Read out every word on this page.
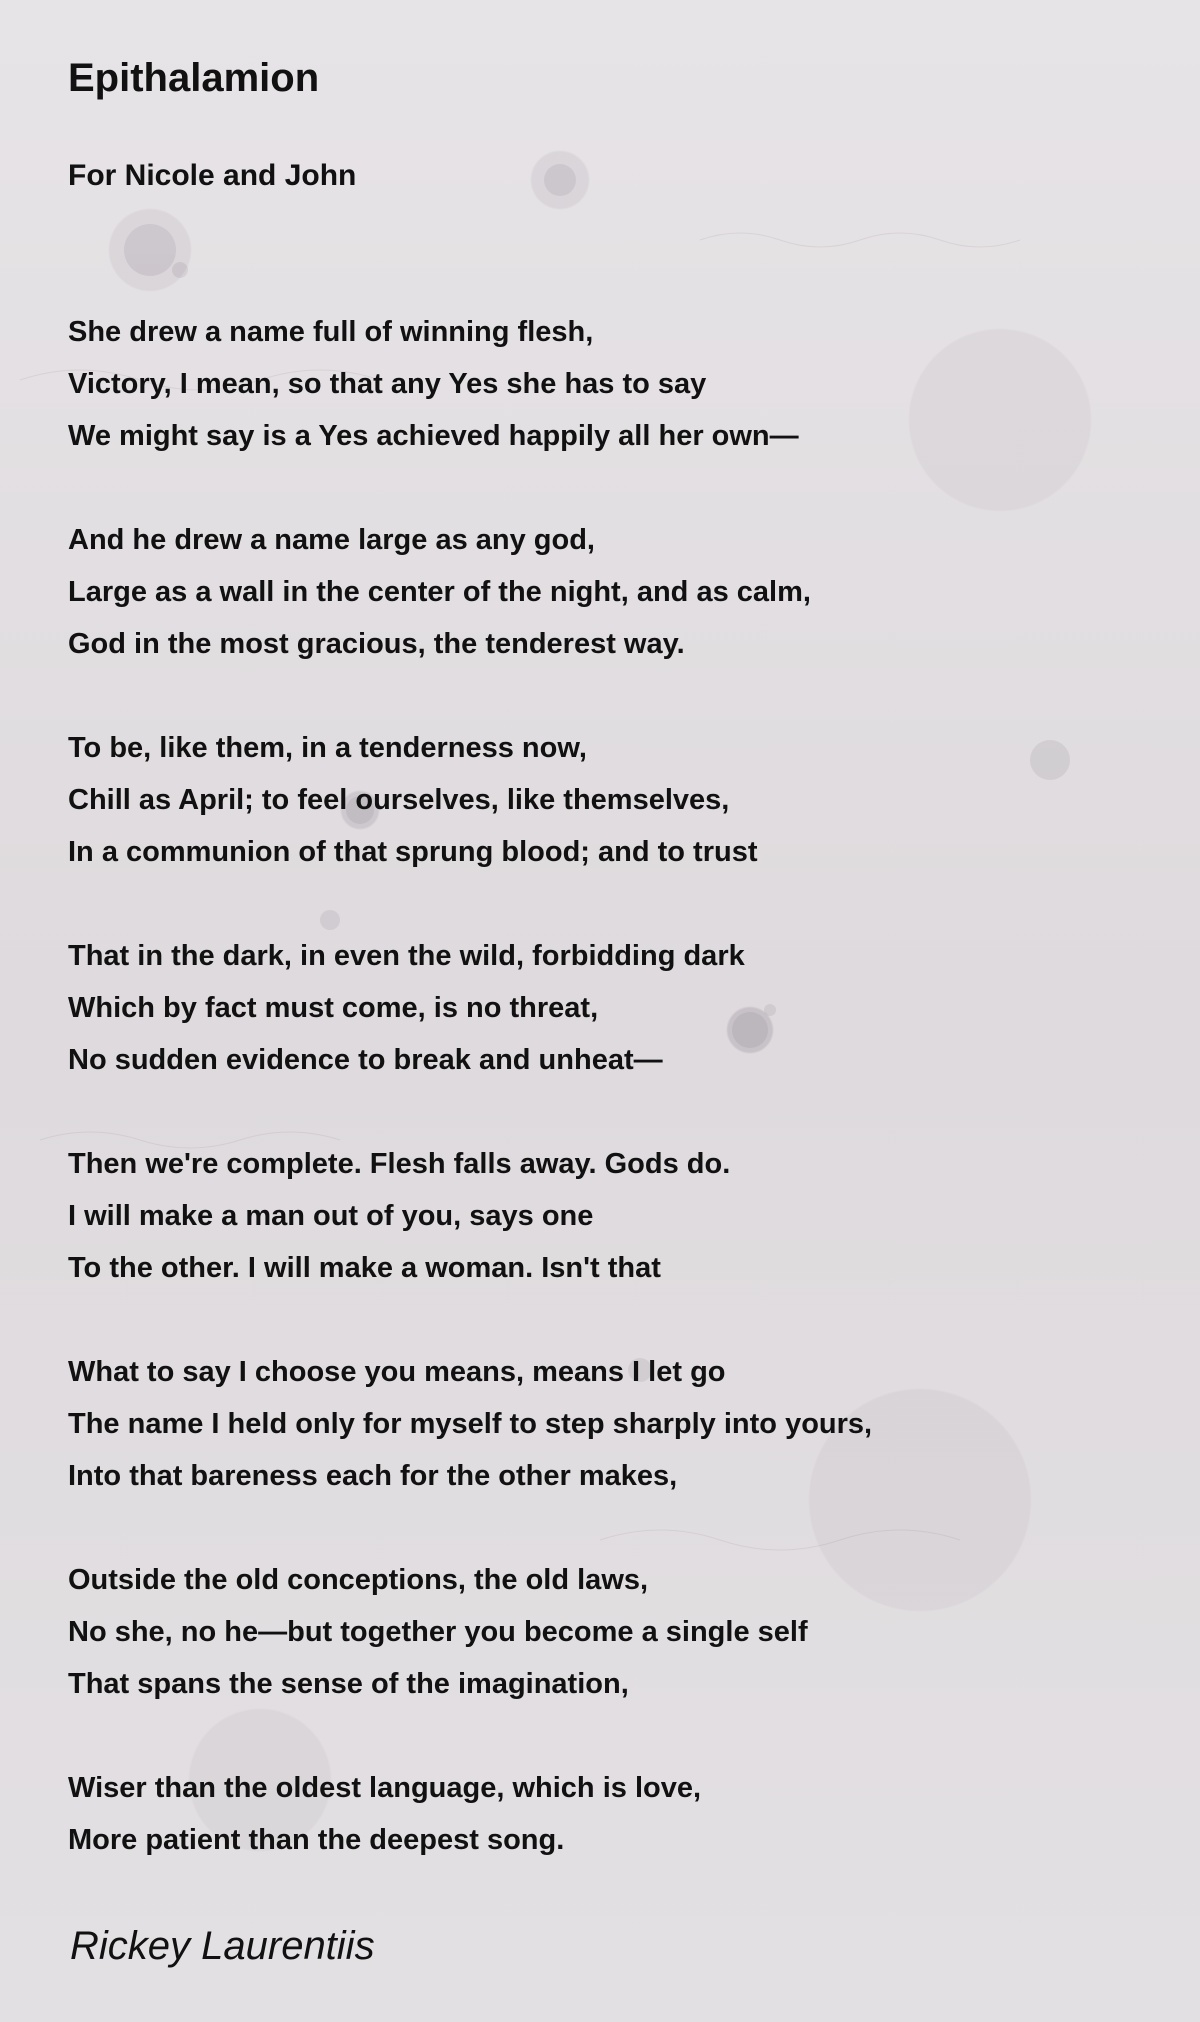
Epithalamion
For Nicole and John
She drew a name full of winning flesh,
Victory, I mean, so that any Yes she has to say
We might say is a Yes achieved happily all her own—
And he drew a name large as any god,
Large as a wall in the center of the night, and as calm,
God in the most gracious, the tenderest way.
To be, like them, in a tenderness now,
Chill as April; to feel ourselves, like themselves,
In a communion of that sprung blood; and to trust
That in the dark, in even the wild, forbidding dark
Which by fact must come, is no threat,
No sudden evidence to break and unheat—
Then we're complete. Flesh falls away. Gods do.
I will make a man out of you, says one
To the other. I will make a woman. Isn't that
What to say I choose you means, means I let go
The name I held only for myself to step sharply into yours,
Into that bareness each for the other makes,
Outside the old conceptions, the old laws,
No she, no he—but together you become a single self
That spans the sense of the imagination,
Wiser than the oldest language, which is love,
More patient than the deepest song.
Rickey Laurentiis
